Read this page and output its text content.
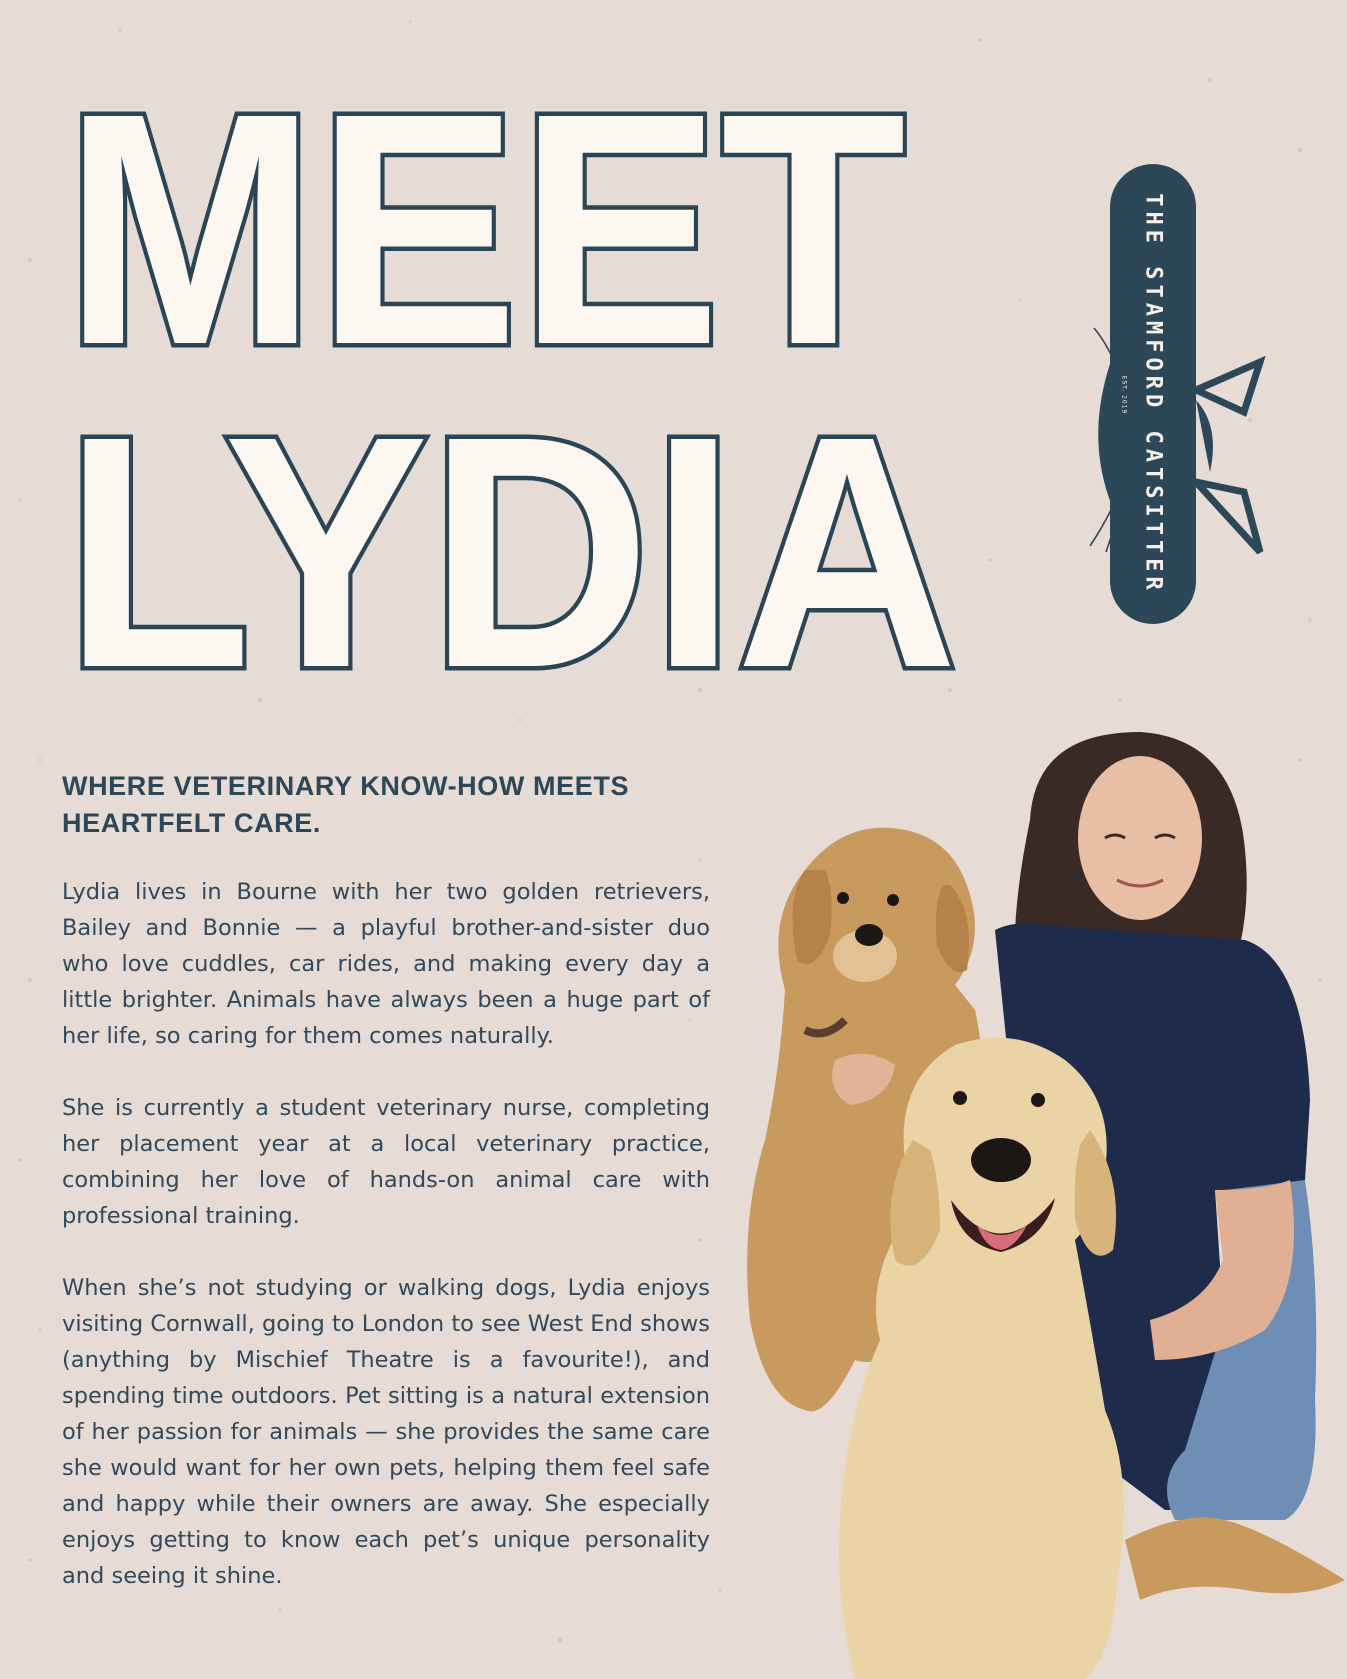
MEET
LYDIA	THE STAMFORD CATSITTER
EST. 2019
WHERE VETERINARY KNOW-HOW MEETS HEARTFELT CARE.

Lydia lives in Bourne with her two golden retrievers, Bailey and Bonnie — a playful brother-and-sister duo who love cuddles, car rides, and making every day a little brighter. Animals have always been a huge part of her life, so caring for them comes naturally.

She is currently a student veterinary nurse, completing her placement year at a local veterinary practice, combining her love of hands-on animal care with professional training.

When she’s not studying or walking dogs, Lydia enjoys visiting Cornwall, going to London to see West End shows (anything by Mischief Theatre is a favourite!), and spending time outdoors. Pet sitting is a natural extension of her passion for animals — she provides the same care she would want for her own pets, helping them feel safe and happy while their owners are away. She especially enjoys getting to know each pet’s unique personality and seeing it shine.
